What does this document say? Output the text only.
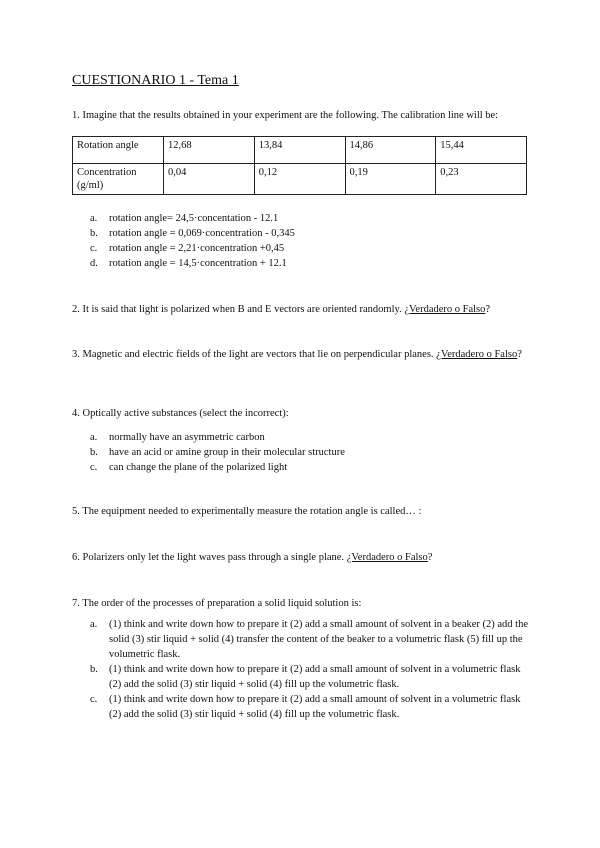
CUESTIONARIO 1 - Tema 1
1. Imagine that the results obtained in your experiment are the following. The calibration line will be:
Rotation angle	12,68	13,84	14,86	15,44
Concentration (g/ml)	0,04	0,12	0,19	0,23
a. rotation angle= 24,5·concentation - 12.1
b. rotation angle = 0,069·concentration - 0,345
c. rotation angle = 2,21·concentration +0,45
d. rotation angle = 14,5·concentration + 12.1
2. It is said that light is polarized when B and E vectors are oriented randomly. ¿Verdadero o Falso?
3. Magnetic and electric fields of the light are vectors that lie on perpendicular planes. ¿Verdadero o Falso?
4. Optically active substances (select the incorrect):
a. normally have an asymmetric carbon
b. have an acid or amine group in their molecular structure
c. can change the plane of the polarized light
5. The equipment needed to experimentally measure the rotation angle is called… :
6. Polarizers only let the light waves pass through a single plane. ¿Verdadero o Falso?
7. The order of the processes of preparation a solid liquid solution is:
a. (1) think and write down how to prepare it (2) add a small amount of solvent in a beaker (2) add the solid (3) stir liquid + solid (4) transfer the content of the beaker to a volumetric flask (5) fill up the volumetric flask.
b. (1) think and write down how to prepare it (2) add a small amount of solvent in a volumetric flask (2) add the solid (3) stir liquid + solid (4) fill up the volumetric flask.
c. (1) think and write down how to prepare it (2) add a small amount of solvent in a volumetric flask (2) add the solid (3) stir liquid + solid (4) fill up the volumetric flask.
